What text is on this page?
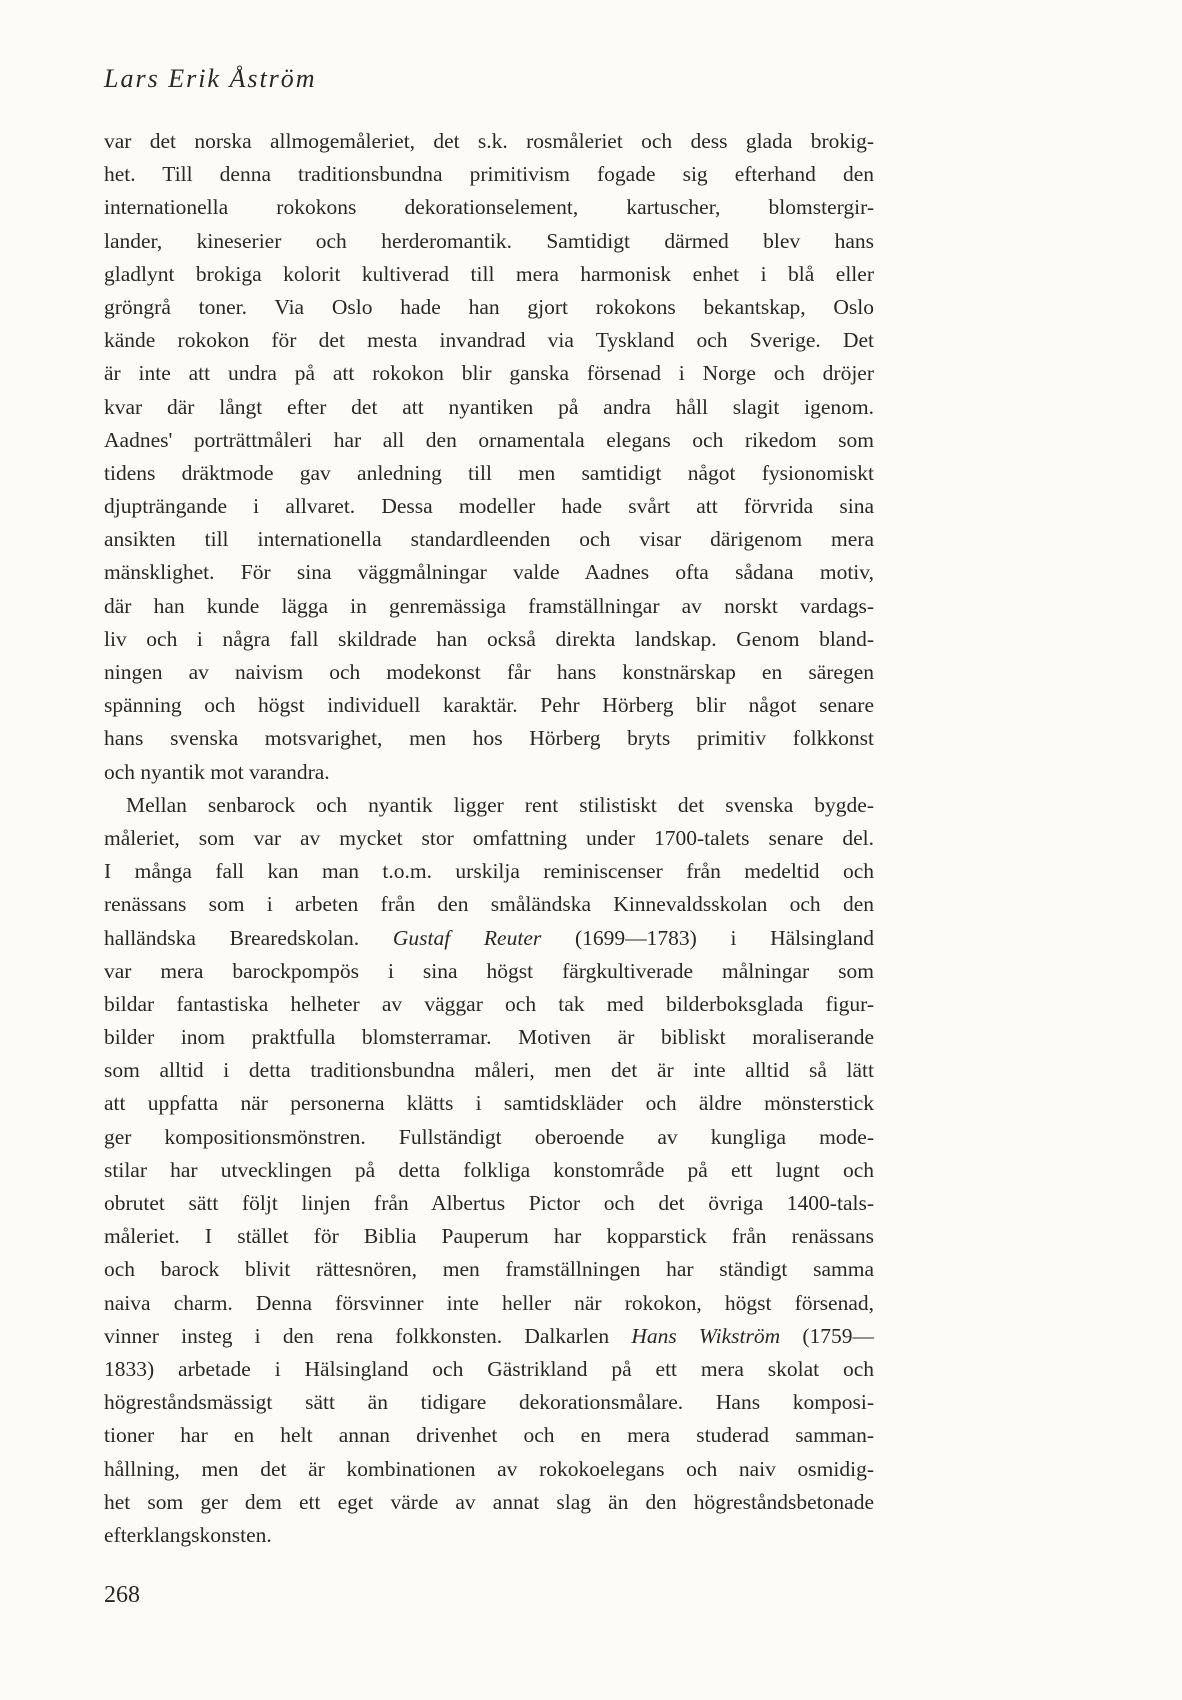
Lars Erik Åström
var det norska allmogemåleriet, det s.k. rosmåleriet och dess glada brokig-
het. Till denna traditionsbundna primitivism fogade sig efterhand den
internationella rokokons dekorationselement, kartuscher, blomstergir-
lander, kineserier och herderomantik. Samtidigt därmed blev hans
gladlynt brokiga kolorit kultiverad till mera harmonisk enhet i blå eller
gröngrå toner. Via Oslo hade han gjort rokokons bekantskap, Oslo
kände rokokon för det mesta invandrad via Tyskland och Sverige. Det
är inte att undra på att rokokon blir ganska försenad i Norge och dröjer
kvar där långt efter det att nyantiken på andra håll slagit igenom.
Aadnes' porträttmåleri har all den ornamentala elegans och rikedom som
tidens dräktmode gav anledning till men samtidigt något fysionomiskt
djupträngande i allvaret. Dessa modeller hade svårt att förvrida sina
ansikten till internationella standardleenden och visar därigenom mera
mänsklighet. För sina väggmålningar valde Aadnes ofta sådana motiv,
där han kunde lägga in genremässiga framställningar av norskt vardags-
liv och i några fall skildrade han också direkta landskap. Genom bland-
ningen av naivism och modekonst får hans konstnärskap en säregen
spänning och högst individuell karaktär. Pehr Hörberg blir något senare
hans svenska motsvarighet, men hos Hörberg bryts primitiv folkkonst
och nyantik mot varandra.
Mellan senbarock och nyantik ligger rent stilistiskt det svenska bygde-
måleriet, som var av mycket stor omfattning under 1700-talets senare del.
I många fall kan man t.o.m. urskilja reminiscenser från medeltid och
renässans som i arbeten från den småländska Kinnevaldsskolan och den
halländska Brearedskolan. Gustaf Reuter (1699—1783) i Hälsingland
var mera barockpompös i sina högst färgkultiverade målningar som
bildar fantastiska helheter av väggar och tak med bilderboksglada figur-
bilder inom praktfulla blomsterramar. Motiven är bibliskt moraliserande
som alltid i detta traditionsbundna måleri, men det är inte alltid så lätt
att uppfatta när personerna klätts i samtidskläder och äldre mönsterstick
ger kompositionsmönstren. Fullständigt oberoende av kungliga mode-
stilar har utvecklingen på detta folkliga konstområde på ett lugnt och
obrutet sätt följt linjen från Albertus Pictor och det övriga 1400-tals-
måleriet. I stället för Biblia Pauperum har kopparstick från renässans
och barock blivit rättesnören, men framställningen har ständigt samma
naiva charm. Denna försvinner inte heller när rokokon, högst försenad,
vinner insteg i den rena folkkonsten. Dalkarlen Hans Wikström (1759—
1833) arbetade i Hälsingland och Gästrikland på ett mera skolat och
högreståndsmässigt sätt än tidigare dekorationsmålare. Hans komposi-
tioner har en helt annan drivenhet och en mera studerad samman-
hållning, men det är kombinationen av rokokoelegans och naiv osmidig-
het som ger dem ett eget värde av annat slag än den högreståndsbetonade
efterklangskonsten.
268
